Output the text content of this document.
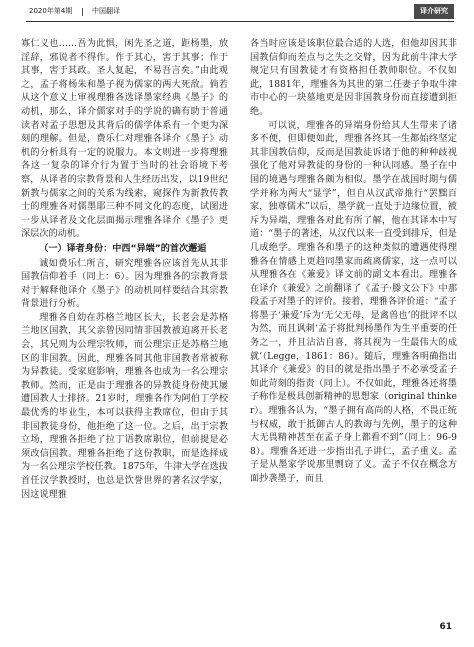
2020年第4期	中国翻译	译介研究

寡仁义也……吾为此惧，闲先圣之道，距杨墨，放淫辞，邪说者不得作。作于其心，害于其事；作于其事，害于其政。圣人复起，不易吾言矣。”由此观之，孟子将杨朱和墨子视为儒家的两大死敌。倘若从这个意义上审视理雅各选译墨家经典《墨子》的动机，那么，译介儒家对手的学说的确有助于普通读者对孟子思想及其背后的儒学体系有一个更为深刻的理解。但是，费乐仁对理雅各译介《墨子》动机的分析具有一定的说服力。本文则进一步将理雅各这一复杂的译介行为置于当时的社会语境下考察，从译者的宗教背景和人生经历出发，以19世纪新教与儒家之间的关系为线索，窥探作为新教传教士的理雅各对儒墨耶三种不同文化的态度，试图进一步从译者及文化层面揭示理雅各译介《墨子》更深层次的动机。

（一）译者身份：中西“异端”的首次邂逅

诚如费乐仁所言，研究理雅各应该首先从其非国教信仰着手（同上：6）。因为理雅各的宗教背景对于解释他译介《墨子》的动机同样要结合其宗教背景进行分析。

理雅各自幼在苏格兰地区长大，长老会是苏格兰地区国教，其父亲曾因同情非国教被迫离开长老会，其兄则为公理宗牧师，而公理宗正是苏格兰地区的非国教。因此，理雅各同其他非国教者常被称为异教徒。受家庭影响，理雅各也成为一名公理宗教师。然而，正是由于理雅各的异教徒身份使其屡遭国教人士排挤。21岁时，理雅各作为阿伯丁学校最优秀的毕业生，本可以获得主教席位，但由于其非国教徒身份，他拒绝了这一位。之后，出于宗教立场，理雅各拒绝了拉丁语教席职位，但前提是必须改信国教。理雅各拒绝了这份教职，而是选择成为一名公理宗学校任教。1875年，牛津大学在选拔首任汉学教授时，也总是饮誉世界的著名汉学家，因这说理雅

各当时应该是该职位最合适的人选，但他却因其非国教信仰而差点与之失之交臂，因为此前牛津大学规定只有国教徒才有资格担任教师职位。不仅如此，1881年，理雅各为其世的第二任妻子争取牛津市中心的一块墓地更是因非国教身份而直接遭到拒绝。

可以说，理雅各的异端身份给其人生带来了诸多不便，但即便如此，理雅各终其一生都始终坚定其非国教信仰，反而是国教徒诉诸于他的种种歧视强化了他对异教徒的身份的一种认同感。墨子在中国的境遇与理雅各颇为相似。墨学在战国时期与儒学并称为两大“显学”，但自从汉武帝推行“罢黜百家，独尊儒术”以后，墨学就一直处于边缘位置，被斥为异端，理雅各对此有所了解，他在其译本中写道：“墨子的著述，从汉代以来一直受到排斥，但是几成绝学。理雅各和墨子的这种类似的遭遇使得理雅各在情感上更趋同墨家而疏离儒家，这一点可以从理雅各在《兼爱》译文前的副文本看出。理雅各在译介《兼爱》之前翻译了《孟子·滕文公下》中那段孟子对墨子的评价。接着，理雅各评价道：“孟子将墨子‘兼爱’斥为‘无父无母，是禽兽也’的批评不以为然，而且讽刺‘孟子将批判杨墨作为生平重要的任务之一，并且沾沾自喜，将其视为一生最伟大的成就’（Legge，1861：86）。随后，理雅各明确指出其译介《兼爱》的目的就是指出墨子不必承受孟子如此苛刻的指责（同上）。不仅如此，理雅各还将墨子称作是极具创新精神的思想家（original thinker）。理雅各认为，“墨子拥有高尚的人格，不畏正统与权威，敢于抵御古人的教诲与先例，墨子的这种大无畏精神甚至在孟子身上都看不到”（同上：96-98）。理雅各还进一步指出孔子讲仁，孟子重义。孟子是从墨家学说那里剽窃了义。孟子不仅在概念方面抄袭墨子，而且

61
